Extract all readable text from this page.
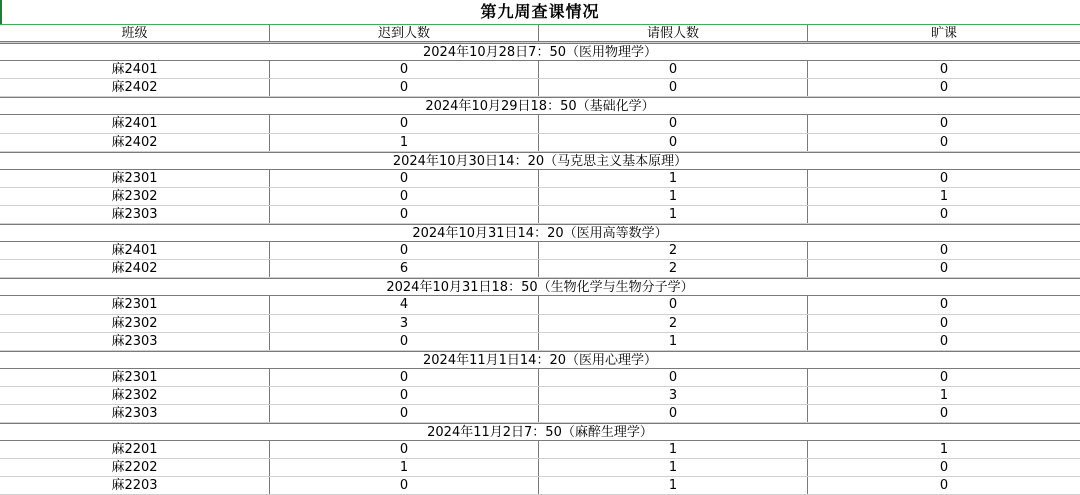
第九周查课情况
班级	迟到人数	请假人数	旷课
2024年10月28日7：50（医用物理学）
麻2401	0	0	0
麻2402	0	0	0
2024年10月29日18：50（基础化学）
麻2401	0	0	0
麻2402	1	0	0
2024年10月30日14：20（马克思主义基本原理）
麻2301	0	1	0
麻2302	0	1	1
麻2303	0	1	0
2024年10月31日14：20（医用高等数学）
麻2401	0	2	0
麻2402	6	2	0
2024年10月31日18：50（生物化学与生物分子学）
麻2301	4	0	0
麻2302	3	2	0
麻2303	0	1	0
2024年11月1日14：20（医用心理学）
麻2301	0	0	0
麻2302	0	3	1
麻2303	0	0	0
2024年11月2日7：50（麻醉生理学）
麻2201	0	1	1
麻2202	1	1	0
麻2203	0	1	0
